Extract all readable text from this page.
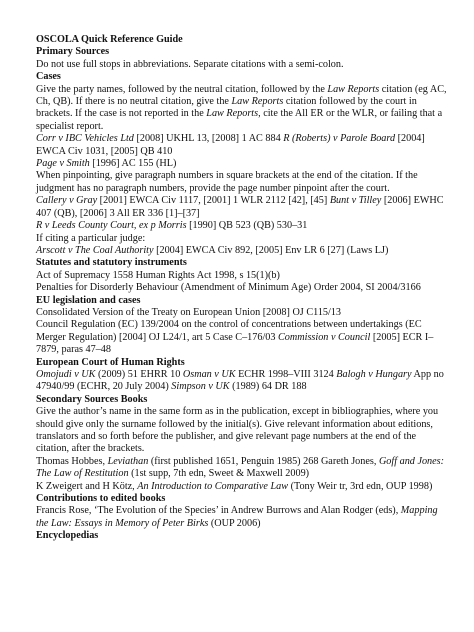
OSCOLA Quick Reference Guide

Primary Sources

Do not use full stops in abbreviations. Separate citations with a semi-colon.

Cases

Give the party names, followed by the neutral citation, followed by the Law Reports citation (eg AC, Ch, QB). If there is no neutral citation, give the Law Reports citation followed by the court in brackets. If the case is not reported in the Law Reports, cite the All ER or the WLR, or failing that a specialist report.

Corr v IBC Vehicles Ltd [2008] UKHL 13, [2008] 1 AC 884 R (Roberts) v Parole Board [2004] EWCA Civ 1031, [2005] QB 410

Page v Smith [1996] AC 155 (HL)

When pinpointing, give paragraph numbers in square brackets at the end of the citation. If the judgment has no paragraph numbers, provide the page number pinpoint after the court.

Callery v Gray [2001] EWCA Civ 1117, [2001] 1 WLR 2112 [42], [45] Bunt v Tilley [2006] EWHC 407 (QB), [2006] 3 All ER 336 [1]–[37]

R v Leeds County Court, ex p Morris [1990] QB 523 (QB) 530–31

If citing a particular judge:

Arscott v The Coal Authority [2004] EWCA Civ 892, [2005] Env LR 6 [27] (Laws LJ)

Statutes and statutory instruments

Act of Supremacy 1558 Human Rights Act 1998, s 15(1)(b)

Penalties for Disorderly Behaviour (Amendment of Minimum Age) Order 2004, SI 2004/3166

EU legislation and cases

Consolidated Version of the Treaty on European Union [2008] OJ C115/13

Council Regulation (EC) 139/2004 on the control of concentrations between undertakings (EC Merger Regulation) [2004] OJ L24/1, art 5 Case C–176/03 Commission v Council [2005] ECR I–7879, paras 47–48

European Court of Human Rights

Omojudi v UK (2009) 51 EHRR 10 Osman v UK ECHR 1998–VIII 3124 Balogh v Hungary App no 47940/99 (ECHR, 20 July 2004) Simpson v UK (1989) 64 DR 188

Secondary Sources Books

Give the author’s name in the same form as in the publication, except in bibliographies, where you should give only the surname followed by the initial(s). Give relevant information about editions, translators and so forth before the publisher, and give relevant page numbers at the end of the citation, after the brackets.

Thomas Hobbes, Leviathan (first published 1651, Penguin 1985) 268 Gareth Jones, Goff and Jones: The Law of Restitution (1st supp, 7th edn, Sweet & Maxwell 2009)

K Zweigert and H Kötz, An Introduction to Comparative Law (Tony Weir tr, 3rd edn, OUP 1998)

Contributions to edited books

Francis Rose, ‘The Evolution of the Species’ in Andrew Burrows and Alan Rodger (eds), Mapping the Law: Essays in Memory of Peter Birks (OUP 2006)

Encyclopedias
